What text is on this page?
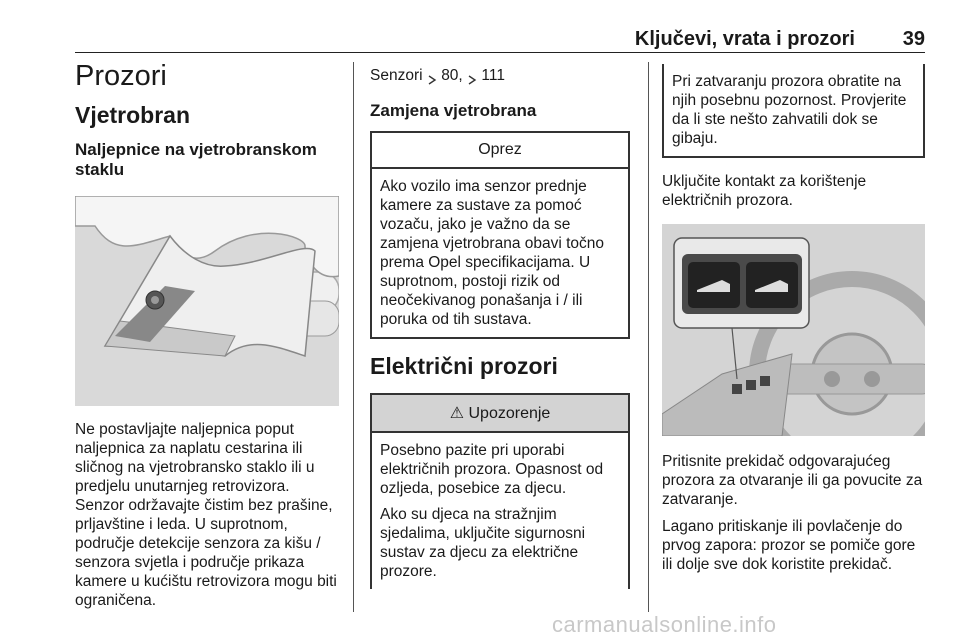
Ključevi, vrata i prozori 39
Prozori
Vjetrobran
Naljepnice na vjetrobranskom staklu

Ne postavljajte naljepnica poput naljepnica za naplatu cestarina ili sličnog na vjetrobransko staklo ili u predjelu unutarnjeg retrovizora. Senzor održavajte čistim bez prašine, prljavštine i leda. U suprotnom, područje detekcije senzora za kišu / senzora svjetla i područje prikaza kamere u kućištu retrovizora mogu biti ograničena.

Senzori 80, 111

Zamjena vjetrobrana
Oprez

Ako vozilo ima senzor prednje kamere za sustave za pomoć vozaču, jako je važno da se zamjena vjetrobrana obavi točno prema Opel specifikacijama. U suprotnom, postoji rizik od neočekivanog ponašanja i / ili poruka od tih sustava.

Električni prozori
⚠ Upozorenje

Posebno pazite pri uporabi električnih prozora. Opasnost od ozljeda, posebice za djecu.

Ako su djeca na stražnjim sjedalima, uključite sigurnosni sustav za djecu za električne prozore.

Pri zatvaranju prozora obratite na njih posebnu pozornost. Provjerite da li ste nešto zahvatili dok se gibaju.

Uključite kontakt za korištenje električnih prozora.

Pritisnite prekidač odgovarajućeg prozora za otvaranje ili ga povucite za zatvaranje.

Lagano pritiskanje ili povlačenje do prvog zapora: prozor se pomiče gore ili dolje sve dok koristite prekidač.

carmanualsonline.info
